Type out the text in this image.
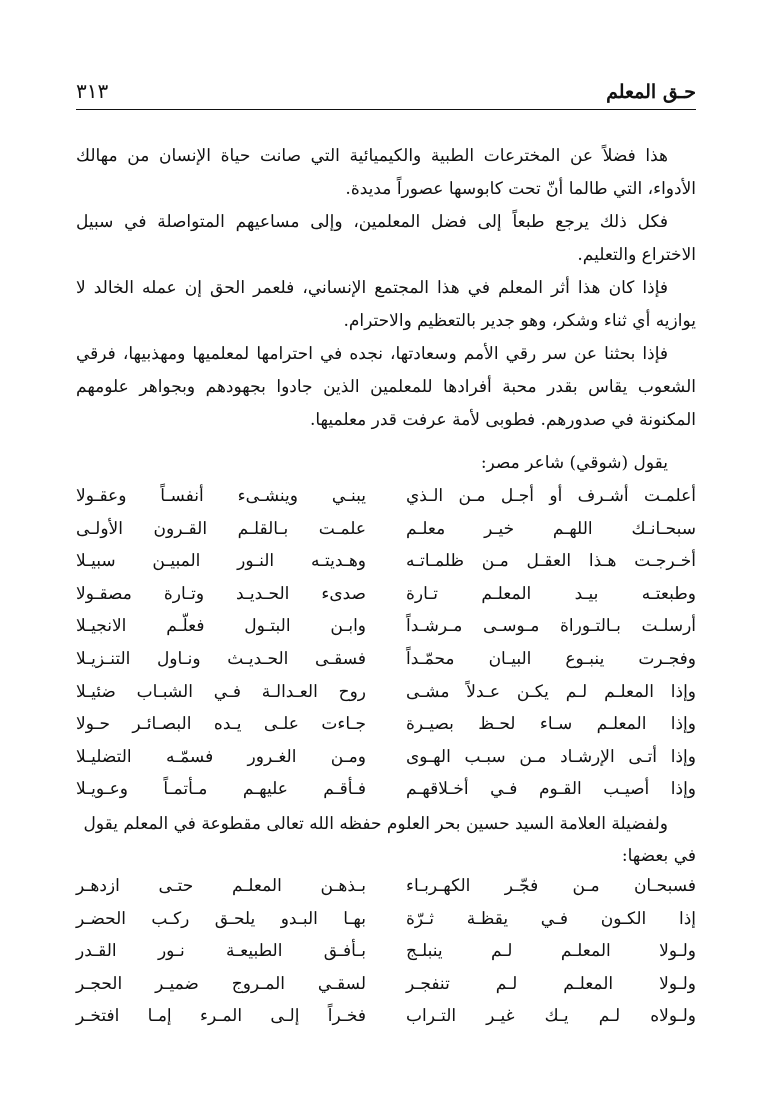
حـق المعلم
٣١٣

هذا فضلاً عن المخترعات الطبية والكيميائية التي صانت حياة الإنسان من مهالك الأدواء، التي طالما أنّ تحت كابوسها عصوراً مديدة.

فكل ذلك يرجع طبعاً إلى فضل المعلمين، وإلى مساعيهم المتواصلة في سبيل الاختراع والتعليم.

فإذا كان هذا أثر المعلم في هذا المجتمع الإنساني، فلعمر الحق إن عمله الخالد لا يوازيه أي ثناء وشكر، وهو جدير بالتعظيم والاحترام.

فإذا بحثنا عن سر رقي الأمم وسعادتها، نجده في احترامها لمعلميها ومهذبيها، فرقي الشعوب يقاس بقدر محبة أفرادها للمعلمين الذين جادوا بجهودهم وبجواهر علومهم المكنونة في صدورهم. فطوبى لأمة عرفت قدر معلميها.

يقول (شوقي) شاعر مصر:
أعلمـت أشـرف أو أجـل مـن الـذي
يبنـي وينشـىء أنفسـاً وعقـولا
سبحـانـك اللهـم خيـر معلـم
علمـت بـالقلـم القـرون الأولـى
أخـرجـت هـذا العقـل مـن ظلمـاتـه
وهـديتـه النـور المبيـن سبيـلا
وطبعتـه بيـد المعلـم تـارة
صدىء الحـديـد وتـارة مصقـولا
أرسلـت بـالتـوراة مـوسـى مـرشـداً
وابـن البتـول فعلّـم الانجيـلا
وفجـرت ينبـوع البيـان محمّـداً
فسقـى الحـديـث ونـاول التنـزيـلا
وإذا المعلـم لـم يكـن عـدلاً مشـى
روح العـدالـة فـي الشبـاب ضئيـلا
وإذا المعلـم سـاء لحـظ بصيـرة
جـاءت علـى يـده البصـائـر حـولا
وإذا أتـى الإرشـاد مـن سبـب الهـوى
ومـن الغـرور فسمّـه التضليـلا
وإذا أصيـب القـوم فـي أخـلاقهـم
فـأقـم عليهـم مـأتمـاً وعـويـلا
ولفضيلة العلامة السيد حسين بحر العلوم حفظه الله تعالى مقطوعة في المعلم يقول في بعضها:
فسبحـان مـن فجّـر الكهـربـاء
بـذهـن المعلـم حتـى ازدهـر
إذا الكـون فـي يقظـة ثـرّة
بهـا البـدو يلحـق ركـب الحضـر
ولـولا المعلـم لـم ينبلـج
بـأفـق الطبيعـة نـور القـدر
ولـولا المعلـم لـم تنفجـر
لسقـي المـروج ضميـر الحجـر
ولـولاه لـم يـك غيـر التـراب
فخـراً إلـى المـرء إمـا افتخـر
